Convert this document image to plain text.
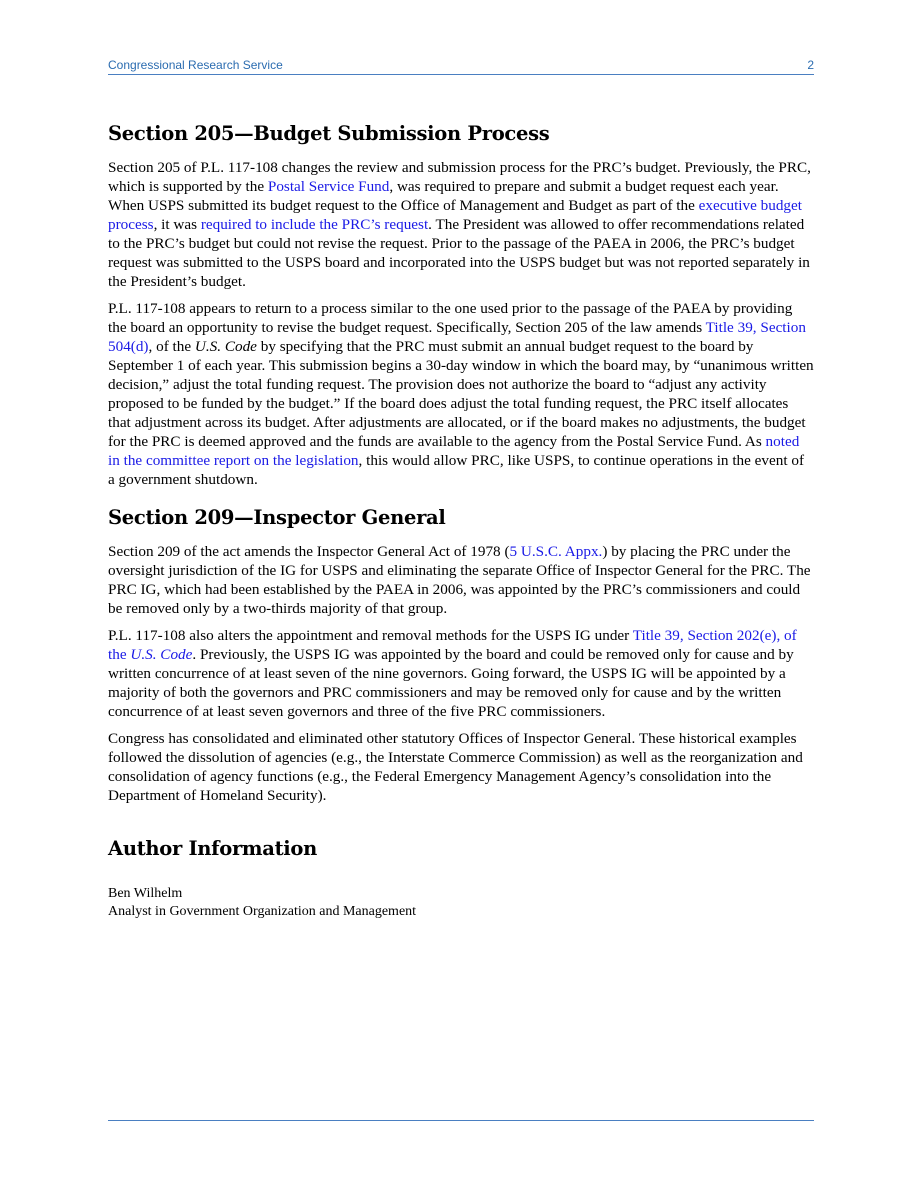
Congressional Research Service	2
Section 205—Budget Submission Process

Section 205 of P.L. 117-108 changes the review and submission process for the PRC’s budget. Previously, the PRC, which is supported by the Postal Service Fund, was required to prepare and submit a budget request each year. When USPS submitted its budget request to the Office of Management and Budget as part of the executive budget process, it was required to include the PRC’s request. The President was allowed to offer recommendations related to the PRC’s budget but could not revise the request. Prior to the passage of the PAEA in 2006, the PRC’s budget request was submitted to the USPS board and incorporated into the USPS budget but was not reported separately in the President’s budget.

P.L. 117-108 appears to return to a process similar to the one used prior to the passage of the PAEA by providing the board an opportunity to revise the budget request. Specifically, Section 205 of the law amends Title 39, Section 504(d), of the U.S. Code by specifying that the PRC must submit an annual budget request to the board by September 1 of each year. This submission begins a 30-day window in which the board may, by “unanimous written decision,” adjust the total funding request. The provision does not authorize the board to “adjust any activity proposed to be funded by the budget.” If the board does adjust the total funding request, the PRC itself allocates that adjustment across its budget. After adjustments are allocated, or if the board makes no adjustments, the budget for the PRC is deemed approved and the funds are available to the agency from the Postal Service Fund. As noted in the committee report on the legislation, this would allow PRC, like USPS, to continue operations in the event of a government shutdown.

Section 209—Inspector General

Section 209 of the act amends the Inspector General Act of 1978 (5 U.S.C. Appx.) by placing the PRC under the oversight jurisdiction of the IG for USPS and eliminating the separate Office of Inspector General for the PRC. The PRC IG, which had been established by the PAEA in 2006, was appointed by the PRC’s commissioners and could be removed only by a two-thirds majority of that group.

P.L. 117-108 also alters the appointment and removal methods for the USPS IG under Title 39, Section 202(e), of the U.S. Code. Previously, the USPS IG was appointed by the board and could be removed only for cause and by written concurrence of at least seven of the nine governors. Going forward, the USPS IG will be appointed by a majority of both the governors and PRC commissioners and may be removed only for cause and by the written concurrence of at least seven governors and three of the five PRC commissioners.

Congress has consolidated and eliminated other statutory Offices of Inspector General. These historical examples followed the dissolution of agencies (e.g., the Interstate Commerce Commission) as well as the reorganization and consolidation of agency functions (e.g., the Federal Emergency Management Agency’s consolidation into the Department of Homeland Security).

Author Information

Ben Wilhelm

Analyst in Government Organization and Management
